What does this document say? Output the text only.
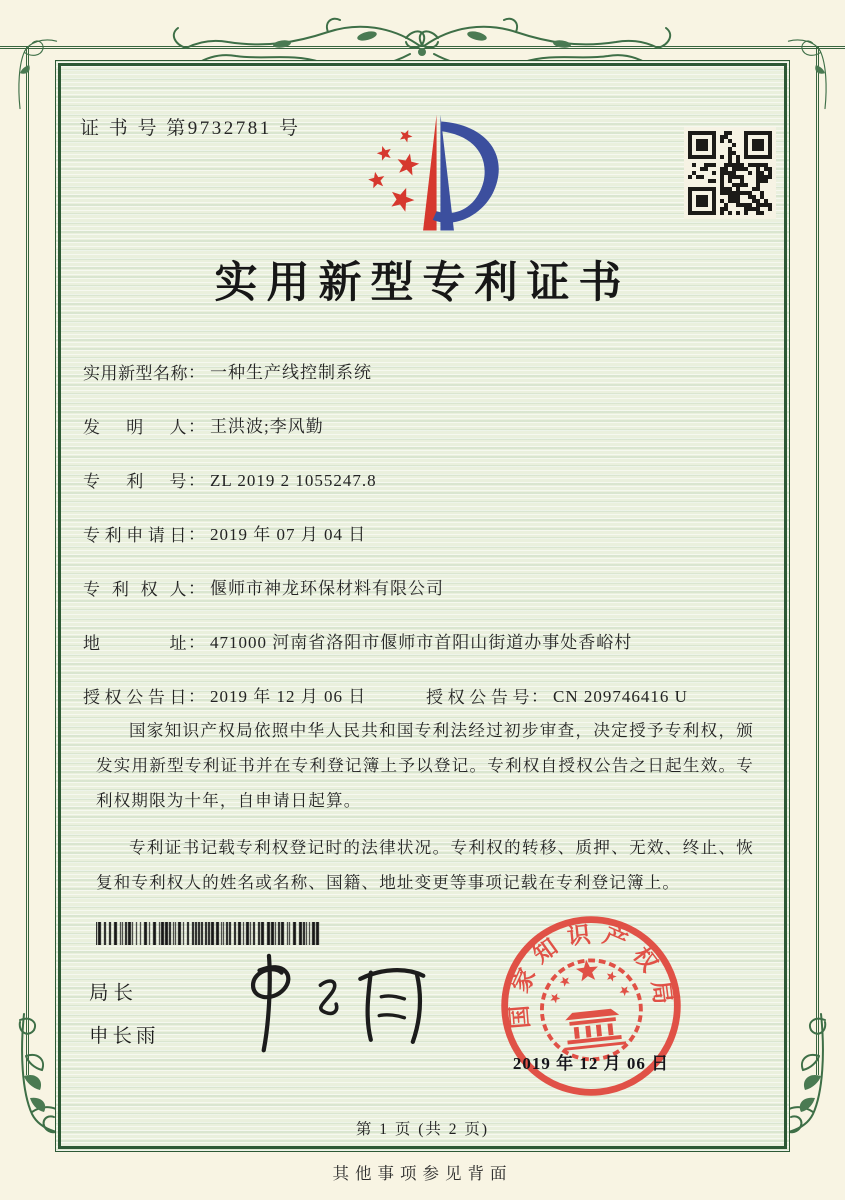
证 书 号 第9732781 号
实用新型专利证书
实用新型名称： 一种生产线控制系统
发明人： 王洪波;李风勤
专利号： ZL 2019 2 1055247.8
专利申请日： 2019 年 07 月 04 日
专利权人： 偃师市神龙环保材料有限公司
地址： 471000 河南省洛阳市偃师市首阳山街道办事处香峪村
授权公告日： 2019 年 12 月 06 日	授权公告号： CN 209746416 U

国家知识产权局依照中华人民共和国专利法经过初步审查，决定授予专利权，颁发实用新型专利证书并在专利登记簿上予以登记。专利权自授权公告之日起生效。专利权期限为十年，自申请日起算。

专利证书记载专利权登记时的法律状况。专利权的转移、质押、无效、终止、恢复和专利权人的姓名或名称、国籍、地址变更等事项记载在专利登记簿上。

局长
申长雨
国家知识产权局
2019 年 12 月 06 日
第 1 页 (共 2 页)
其他事项参见背面
